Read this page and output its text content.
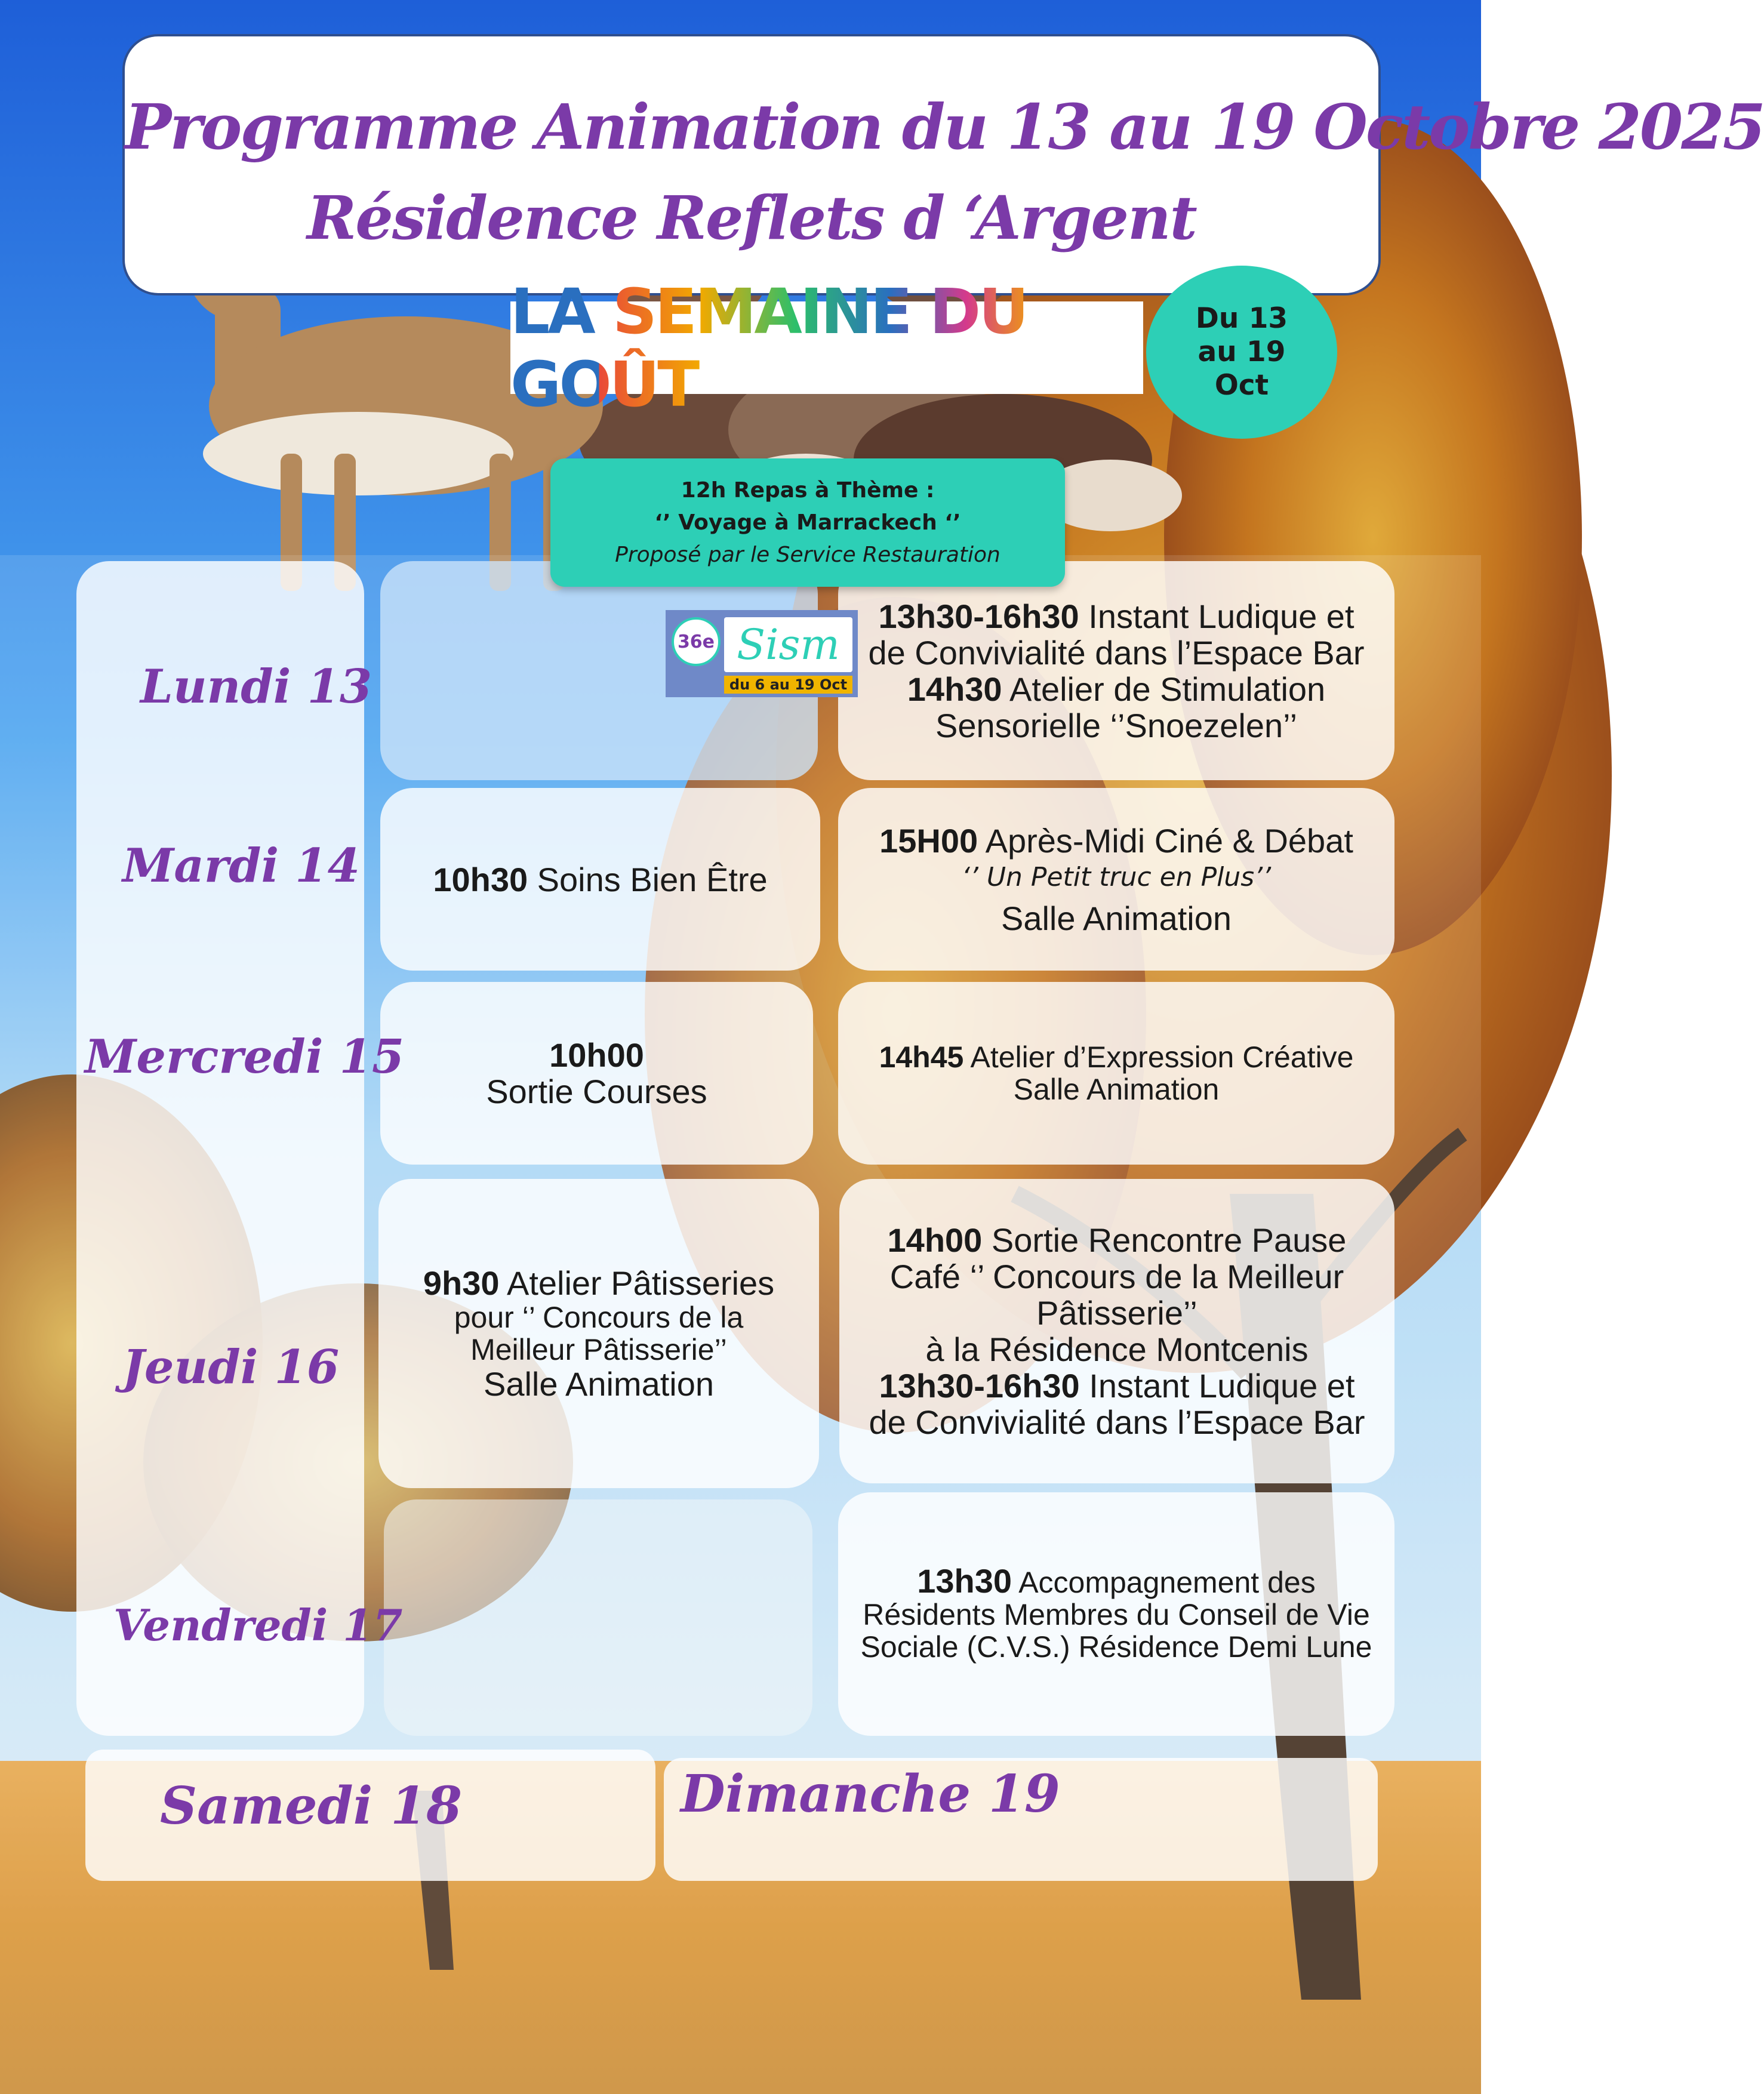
Programme Animation du 13 au 19 Octobre 2025
Résidence Reflets d ‘Argent
LA SEMAINE DU GOÛT
Du 13
au 19
Oct
12h Repas à Thème :
‘’ Voyage à Marrackech ‘’
Proposé par le Service Restauration
36e Sism
du 6 au 19 Oct
13h30-16h30 Instant Ludique et
de Convivialité dans l’Espace Bar
14h30 Atelier de Stimulation
Sensorielle ‘’Snoezelen’’
10h30 Soins Bien Être
15H00 Après-Midi Ciné & Débat
‘’ Un Petit truc en Plus’’
Salle Animation
10h00
Sortie Courses
14h45 Atelier d’Expression Créative
Salle Animation
9h30 Atelier Pâtisseries
pour ‘’ Concours de la
Meilleur Pâtisserie’’
Salle Animation
14h00 Sortie Rencontre Pause
Café ‘’ Concours de la Meilleur
Pâtisserie’’
à la Résidence Montcenis
13h30-16h30 Instant Ludique et
de Convivialité dans l’Espace Bar
13h30 Accompagnement des
Résidents Membres du Conseil de Vie
Sociale (C.V.S.) Résidence Demi Lune
Lundi 13
Mardi 14
Mercredi 15
Jeudi 16
Vendredi 17
Samedi 18	Dimanche 19
